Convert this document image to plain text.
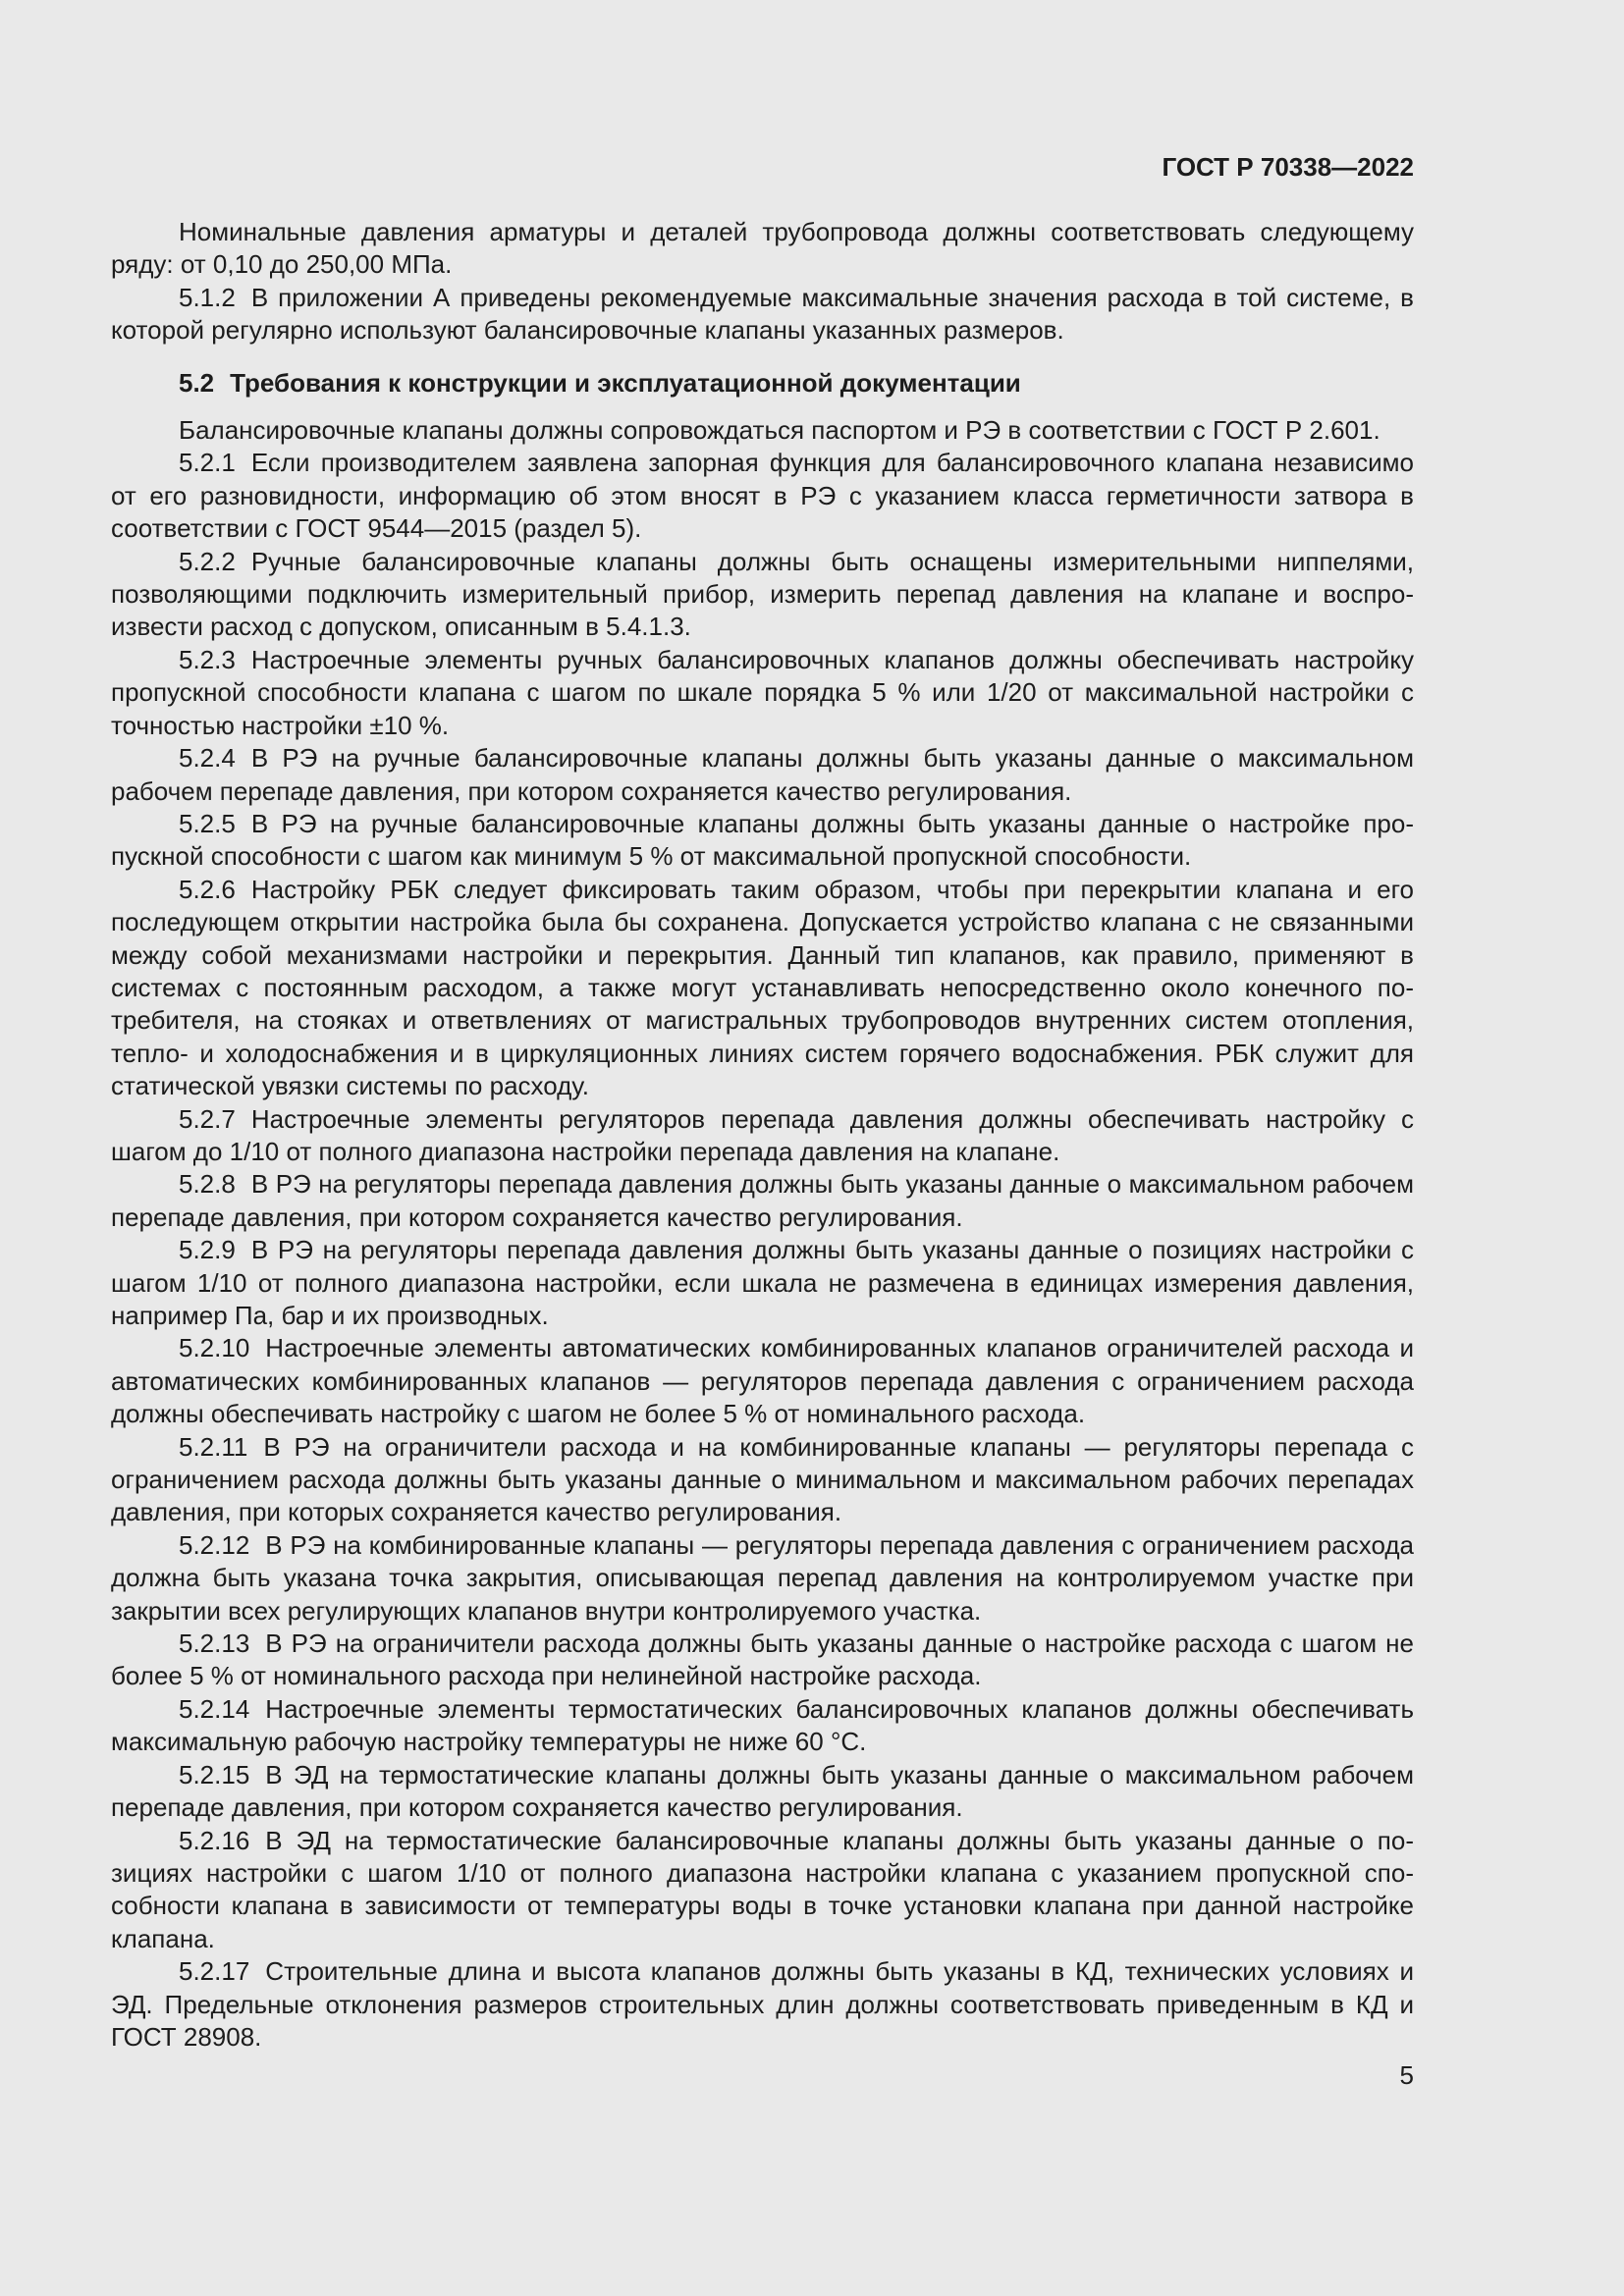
ГОСТ Р 70338—2022

Номинальные давления арматуры и деталей трубопровода должны соответствовать следующему ряду: от 0,10 до 250,00 МПа.

5.1.2 В приложении А приведены рекомендуемые максимальные значения расхода в той системе, в которой регулярно используют балансировочные клапаны указанных размеров.

5.2 Требования к конструкции и эксплуатационной документации

Балансировочные клапаны должны сопровождаться паспортом и РЭ в соответствии с ГОСТ Р 2.601.

5.2.1 Если производителем заявлена запорная функция для балансировочного клапана независимо от его разновидности, информацию об этом вносят в РЭ с указанием класса герметичности затвора в соответствии с ГОСТ 9544—2015 (раздел 5).

5.2.2 Ручные балансировочные клапаны должны быть оснащены измерительными ниппелями, позволяющими подключить измерительный прибор, измерить перепад давления на клапане и воспроизвести расход с допуском, описанным в 5.4.1.3.

5.2.3 Настроечные элементы ручных балансировочных клапанов должны обеспечивать настройку пропускной способности клапана с шагом по шкале порядка 5 % или 1/20 от максимальной настройки с точностью настройки ±10 %.

5.2.4 В РЭ на ручные балансировочные клапаны должны быть указаны данные о максимальном рабочем перепаде давления, при котором сохраняется качество регулирования.

5.2.5 В РЭ на ручные балансировочные клапаны должны быть указаны данные о настройке пропускной способности с шагом как минимум 5 % от максимальной пропускной способности.

5.2.6 Настройку РБК следует фиксировать таким образом, чтобы при перекрытии клапана и его последующем открытии настройка была бы сохранена. Допускается устройство клапана с не связанными между собой механизмами настройки и перекрытия. Данный тип клапанов, как правило, применяют в системах с постоянным расходом, а также могут устанавливать непосредственно около конечного потребителя, на стояках и ответвлениях от магистральных трубопроводов внутренних систем отопления, тепло- и холодоснабжения и в циркуляционных линиях систем горячего водоснабжения. РБК служит для статической увязки системы по расходу.

5.2.7 Настроечные элементы регуляторов перепада давления должны обеспечивать настройку с шагом до 1/10 от полного диапазона настройки перепада давления на клапане.

5.2.8 В РЭ на регуляторы перепада давления должны быть указаны данные о максимальном рабочем перепаде давления, при котором сохраняется качество регулирования.

5.2.9 В РЭ на регуляторы перепада давления должны быть указаны данные о позициях настройки с шагом 1/10 от полного диапазона настройки, если шкала не размечена в единицах измерения давления, например Па, бар и их производных.

5.2.10 Настроечные элементы автоматических комбинированных клапанов ограничителей расхода и автоматических комбинированных клапанов — регуляторов перепада давления с ограничением расхода должны обеспечивать настройку с шагом не более 5 % от номинального расхода.

5.2.11 В РЭ на ограничители расхода и на комбинированные клапаны — регуляторы перепада с ограничением расхода должны быть указаны данные о минимальном и максимальном рабочих перепадах давления, при которых сохраняется качество регулирования.

5.2.12 В РЭ на комбинированные клапаны — регуляторы перепада давления с ограничением расхода должна быть указана точка закрытия, описывающая перепад давления на контролируемом участке при закрытии всех регулирующих клапанов внутри контролируемого участка.

5.2.13 В РЭ на ограничители расхода должны быть указаны данные о настройке расхода с шагом не более 5 % от номинального расхода при нелинейной настройке расхода.

5.2.14 Настроечные элементы термостатических балансировочных клапанов должны обеспечивать максимальную рабочую настройку температуры не ниже 60 °С.

5.2.15 В ЭД на термостатические клапаны должны быть указаны данные о максимальном рабочем перепаде давления, при котором сохраняется качество регулирования.

5.2.16 В ЭД на термостатические балансировочные клапаны должны быть указаны данные о позициях настройки с шагом 1/10 от полного диапазона настройки клапана с указанием пропускной способности клапана в зависимости от температуры воды в точке установки клапана при данной настройке клапана.

5.2.17 Строительные длина и высота клапанов должны быть указаны в КД, технических условиях и ЭД. Предельные отклонения размеров строительных длин должны соответствовать приведенным в КД и ГОСТ 28908.

5
